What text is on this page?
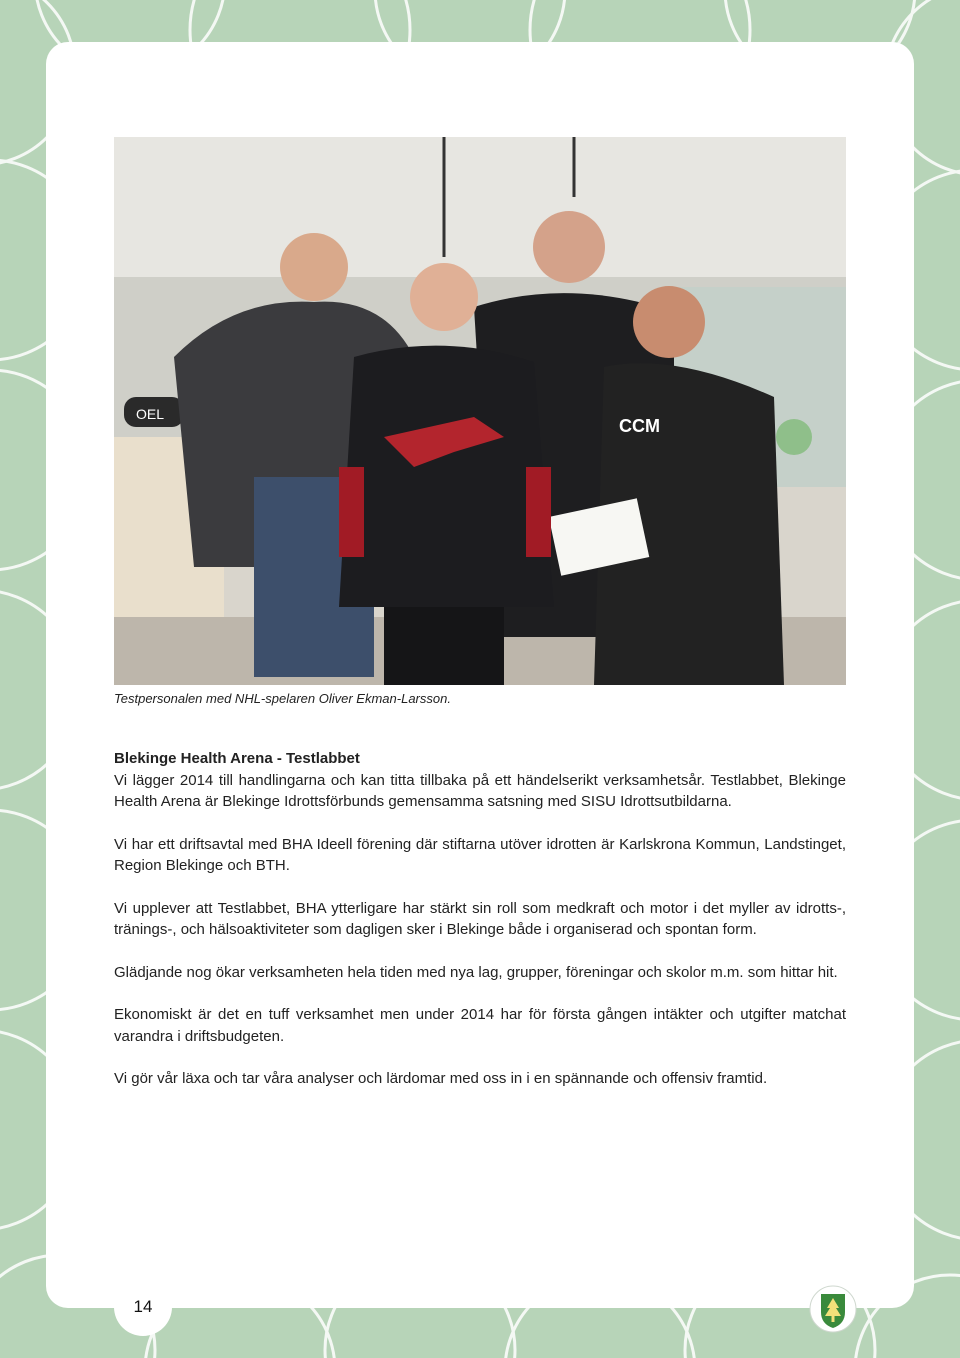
OEL
CCM
Testpersonalen med NHL-spelaren Oliver Ekman-Larsson.
Blekinge Health Arena - Testlabbet

Vi lägger 2014 till handlingarna och kan titta tillbaka på ett händelserikt verksamhetsår. Testlabbet, Blekinge Health Arena är Blekinge Idrottsförbunds gemensamma satsning med SISU Idrottsutbildarna.

Vi har ett driftsavtal med BHA Ideell förening där stiftarna utöver idrotten är Karlskrona Kommun, Landstinget, Region Blekinge och BTH.

Vi upplever att Testlabbet, BHA ytterligare har stärkt sin roll som medkraft och motor i det myller av idrotts-, tränings-, och hälsoaktiviteter som dagligen sker i Blekinge både i organiserad och spontan form.

Glädjande nog ökar verksamheten hela tiden med nya lag, grupper, föreningar och skolor m.m. som hittar hit.

Ekonomiskt är det en tuff verksamhet men under 2014 har för första gången intäkter och utgifter matchat varandra i driftsbudgeten.

Vi gör vår läxa och tar våra analyser och lärdomar med oss in i en spännande och offensiv framtid.

14
